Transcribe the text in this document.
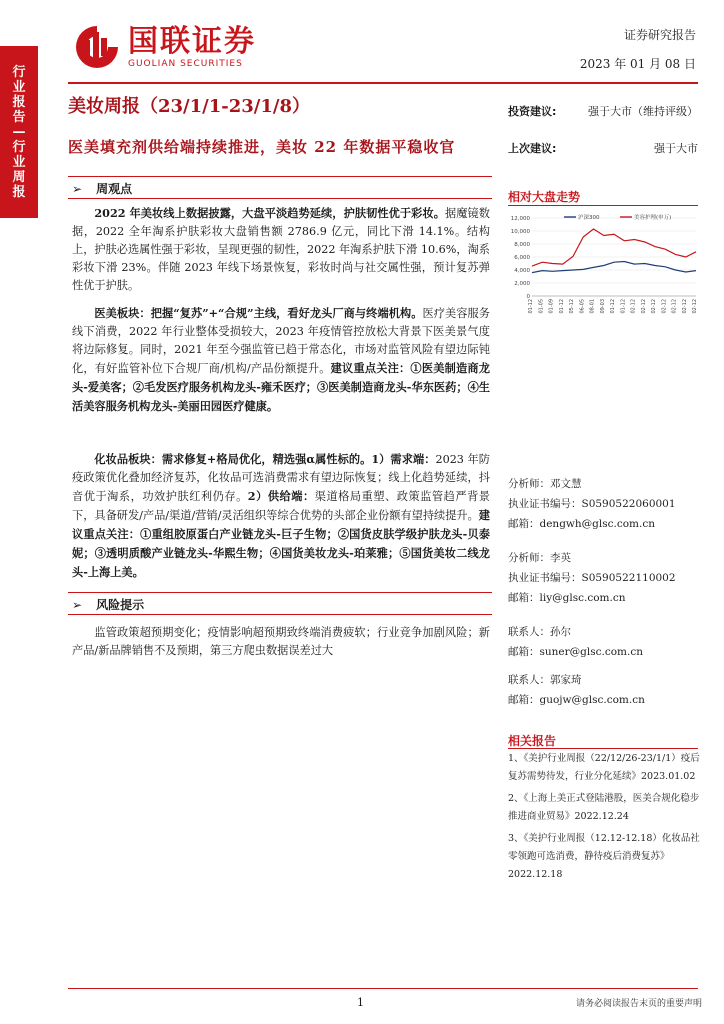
行
业
报
告
—
行
业
周
报
国联证券
GUOLIAN SECURITIES
证券研究报告
2023 年 01 月 08 日
美妆周报（23/1/1-23/1/8）
医美填充剂供给端持续推进，美妆 22 年数据平稳收官
投资建议:	强于大市（维持评级）
上次建议:	强于大市
➢ 周观点
2022 年美妆线上数据披露，大盘平淡趋势延续，护肤韧性优于彩妆。据魔镜数据，2022 全年淘系护肤彩妆大盘销售额 2786.9 亿元，同比下滑 14.1%。结构上，护肤必选属性强于彩妆，呈现更强的韧性，2022 年淘系护肤下滑 10.6%，淘系彩妆下滑 23%。伴随 2023 年线下场景恢复，彩妆时尚与社交属性强，预计复苏弹性优于护肤。
医美板块：把握“复苏”+“合规”主线，看好龙头厂商与终端机构。医疗美容服务线下消费，2022 年行业整体受损较大，2023 年疫情管控放松大背景下医美景气度将边际修复。同时，2021 年至今强监管已趋于常态化，市场对监管风险有望边际钝化，有好监管补位下合规厂商/机构/产品份额提升。建议重点关注：①医美制造商龙头-爱美客；②毛发医疗服务机构龙头-雍禾医疗；③医美制造商龙头-华东医药；④生活美容服务机构龙头-美丽田园医疗健康。
化妆品板块：需求修复+格局优化，精选强α属性标的。1）需求端：2023 年防疫政策优化叠加经济复苏，化妆品可选消费需求有望边际恢复；线上化趋势延续，抖音优于淘系，功效护肤红利仍存。2）供给端：渠道格局重塑、政策监管趋严背景下，具备研发/产品/渠道/营销/灵活组织等综合优势的头部企业份额有望持续提升。建议重点关注：①重组胶原蛋白产业链龙头-巨子生物；②国货皮肤学级护肤龙头-贝泰妮；③透明质酸产业链龙头-华熙生物；④国货美妆龙头-珀莱雅；⑤国货美妆二线龙头-上海上美。
➢ 风险提示
监管政策超预期变化；疫情影响超预期致终端消费疲软；行业竞争加剧风险；新产品/新品牌销售不及预期，第三方爬虫数据误差过大
相对大盘走势
0
2,000
4,000
6,000
8,000
10,000
12,000
01-12 01-05 01-09 01-12 05-12 06-05 08-01 09-03 01-12 01-12 02-12 02-12 02-12 02-12 02-12 02-12 02-12
沪深300	美容护理(申万)
分析师：邓文慧
执业证书编号：S0590522060001
邮箱：dengwh@glsc.com.cn
分析师：李英
执业证书编号：S0590522110002
邮箱：liy@glsc.com.cn
联系人：孙尔
邮箱：suner@glsc.com.cn
联系人：郭家琦
邮箱：guojw@glsc.com.cn
相关报告
1、《美护行业周报（22/12/26-23/1/1）疫后复苏需势待发，行业分化延续》2023.01.02
2、《上海上美正式登陆港股，医美合规化稳步推进商业贸易》2022.12.24
3、《美护行业周报（12.12-12.18）化妆品社零领跑可选消费，静待疫后消费复苏》2022.12.18
1	请务必阅读报告末页的重要声明
